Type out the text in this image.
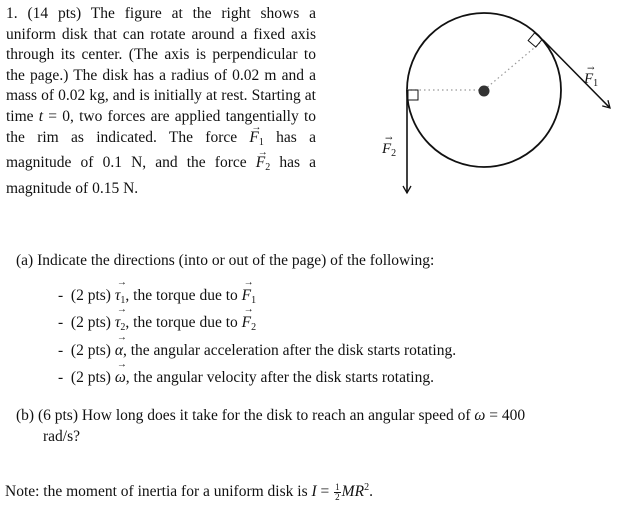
1. (14 pts) The figure at the right shows a uniform disk that can rotate around a fixed axis through its center. (The axis is perpendicular to the page.) The disk has a radius of 0.02 m and a mass of 0.02 kg, and is initially at rest. Starting at time t = 0, two forces are applied tangentially to the rim as indicated. The force → $F_1$ has a magnitude of 0.1 N, and the force → $F_2$ has a magnitude of 0.15 N.
$F_1$
→
$F_2$
→

(a) Indicate the directions (into or out of the page) of the following:

- (2 $pts) \to \tau_1$, the torque due to → $F_1$
- (2 $pts) \to \tau_2$, the torque due to → $F_2$
- (2 pts) → α, the angular acceleration after the disk starts rotating.
- (2 pts) → ω, the angular velocity after the disk starts rotating.
(b) (6 pts) How long does it take for the disk to reach an angular speed of ω = 400
rad/s?
Note: the moment of inertia for a uniform disk is $I = \frac{1}{2} MR^2$.
